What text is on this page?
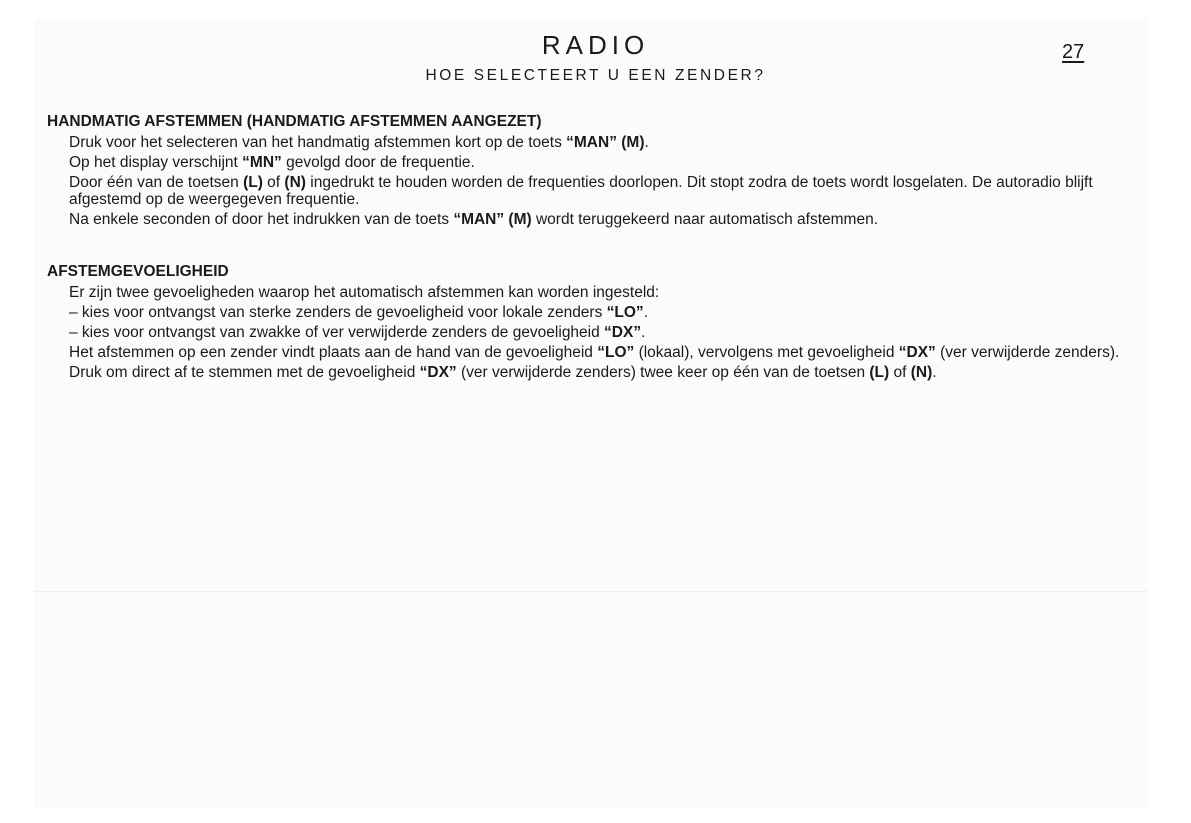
RADIO
HOE SELECTEERT U EEN ZENDER?
27
HANDMATIG AFSTEMMEN (HANDMATIG AFSTEMMEN AANGEZET)

Druk voor het selecteren van het handmatig afstemmen kort op de toets “MAN” (M).

Op het display verschijnt “MN” gevolgd door de frequentie.

Door één van de toetsen (L) of (N) ingedrukt te houden worden de frequenties doorlopen. Dit stopt zodra de toets wordt losgelaten. De autoradio blijft afgestemd op de weergegeven frequentie.

Na enkele seconden of door het indrukken van de toets “MAN” (M) wordt teruggekeerd naar automatisch afstemmen.

AFSTEMGEVOELIGHEID

Er zijn twee gevoeligheden waarop het automatisch afstemmen kan worden ingesteld:

– kies voor ontvangst van sterke zenders de gevoeligheid voor lokale zenders “LO”.

– kies voor ontvangst van zwakke of ver verwijderde zenders de gevoeligheid “DX”.

Het afstemmen op een zender vindt plaats aan de hand van de gevoeligheid “LO” (lokaal), vervolgens met gevoeligheid “DX” (ver verwijderde zenders).

Druk om direct af te stemmen met de gevoeligheid “DX” (ver verwijderde zenders) twee keer op één van de toetsen (L) of (N).
